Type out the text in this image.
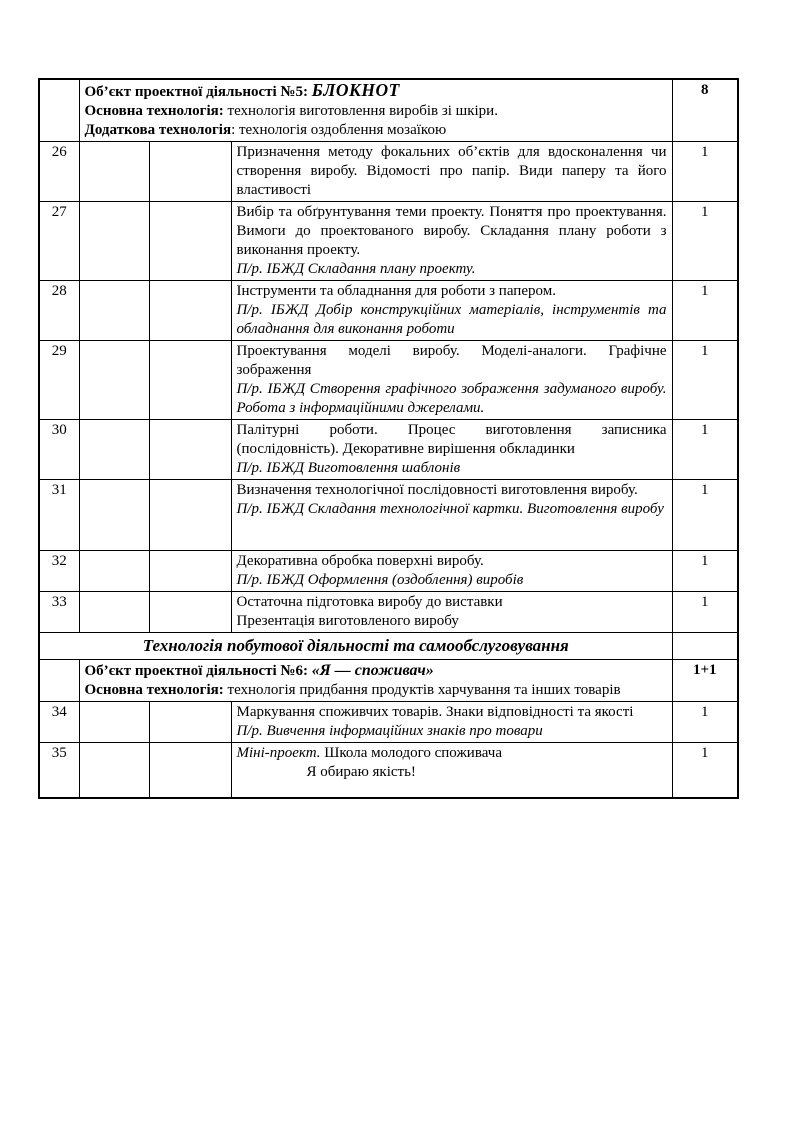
	Об’єкт проектної діяльності №5: БЛОКНОТ
Основна технологія: технологія виготовлення виробів зі шкіри.
Додаткова технологія: технологія оздоблення мозаїкою			8
26			Призначення методу фокальних об’єктів для вдосконалення чи створення виробу. Відомості про папір. Види паперу та його властивості	1
27			Вибір та обґрунтування теми проекту. Поняття про проектування. Вимоги до проектованого виробу. Складання плану роботи з виконання проекту.
П/р. ІБЖД Складання плану проекту.	1
28			Інструменти та обладнання для роботи з папером.
П/р. ІБЖД Добір конструкційних матеріалів, інструментів та обладнання для виконання роботи	1
29			Проектування моделі виробу. Моделі-аналоги. Графічне зображення
П/р. ІБЖД Створення графічного зображення задуманого виробу. Робота з інформаційними джерелами.	1
30			Палітурні роботи. Процес виготовлення записника (послідовність). Декоративне вирішення обкладинки
П/р. ІБЖД Виготовлення шаблонів	1
31			Визначення технологічної послідовності виготовлення виробу.
П/р. ІБЖД Складання технологічної картки. Виготовлення виробу	1
32			Декоративна обробка поверхні виробу.
П/р. ІБЖД Оформлення (оздоблення) виробів	1
33			Остаточна підготовка виробу до виставки
Презентація виготовленого виробу	1
Технологія побутової діяльності та самообслуговування				

	Об’єкт проектної діяльності №6: «Я — споживач»
Основна технологія: технологія придбання продуктів харчування та інших товарів			1+1
34			Маркування споживчих товарів. Знаки відповідності та якості
П/р. Вивчення інформаційних знаків про товари	1
35			Міні-проект. Школа молодого споживача
Я обираю якість!	1
